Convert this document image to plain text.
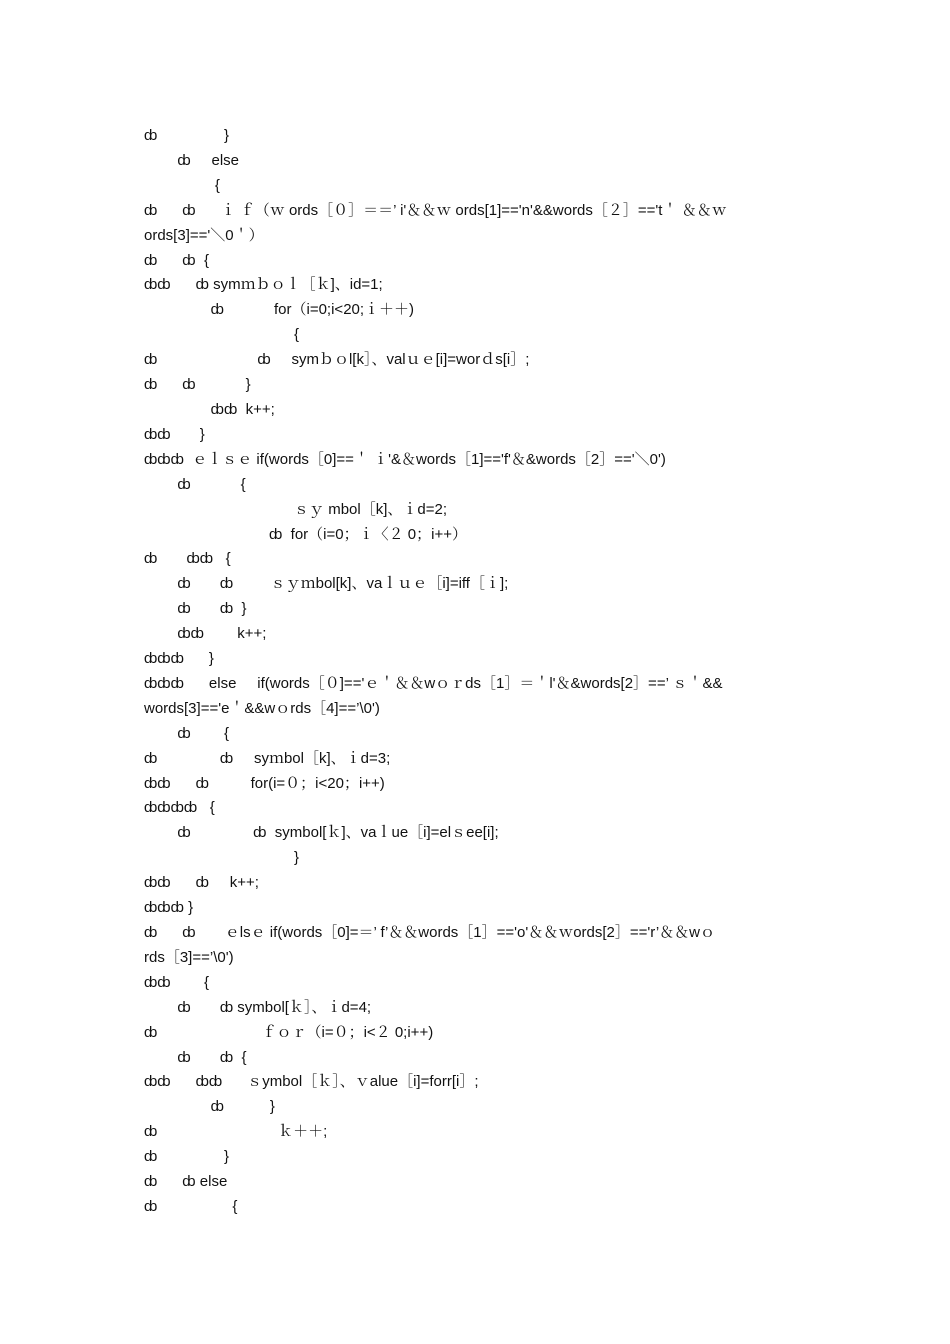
ȸ                }

ȸ     else

{

ȸ      ȸ      ｉ ｆ（ｗ ords［０］＝＝’ i'＆＆ｗ ords[1]=='n'&&words［２］=='t＇ ＆＆ｗ

ords[3]=='＼0＇）

ȸ      ȸ  {

ȸȸ      ȸ symｍｂｏｌ［ｋ]、id=1;

ȸ            for（i=0;i<20;ｉ＋＋)

{

ȸ                        ȸ     symｂｏl[k］、valｕｅ[i]=worｄs[i］;

ȸ      ȸ            }

ȸȸ  k++;

ȸȸ       }

ȸȸȸ  ｅｌｓｅ if(words［0]==＇ ｉ'&＆words［1]=='f'＆&words［2］=='＼0')

ȸ            {

ｓｙ mbol［k]、ｉd=2;

ȸ  for（i=0；ｉ〈２ 0；i++）

ȸ       ȸȸ   {

ȸ       ȸ         ｓｙｍbol[k]、vaｌｕｅ［i]=iff［ｉ];

ȸ       ȸ  }

ȸȸ        k++;

ȸȸȸ      }

ȸȸȸ      else     if(words［０]=='ｅ＇＆＆wｏｒds［1］＝＇l'＆&words[2］==’ ｓ＇&&

words[3]=='e＇&&wｏrds［4]==’\0')

ȸ        {

ȸ               ȸ     syｍbol［k]、ｉd=3;

ȸȸ      ȸ          for(i=０；i<20；i++)

ȸȸȸȸ   {

ȸ               ȸ  symbol[ｋ]、vaｌue［i]=elｓee[i];

}

ȸȸ      ȸ     k++;

ȸȸȸ }

ȸ      ȸ       ｅlsｅ if(words［0]=＝’ f’＆＆words［1］=='o'＆＆ｗords[2］=='r’＆＆wｏ

rds［3]==’\0')

ȸȸ        {

ȸ       ȸ symbol[ｋ］、ｉd=4;

ȸ                         ｆｏｒ（i=０；i<２ 0;i++)

ȸ       ȸ  {

ȸȸ      ȸȸ      ｓymbol［ｋ］、ｖalue［i]=forr[i］;

ȸ           }

ȸ                             ｋ＋＋;

ȸ                }

ȸ      ȸ else

ȸ                  {
